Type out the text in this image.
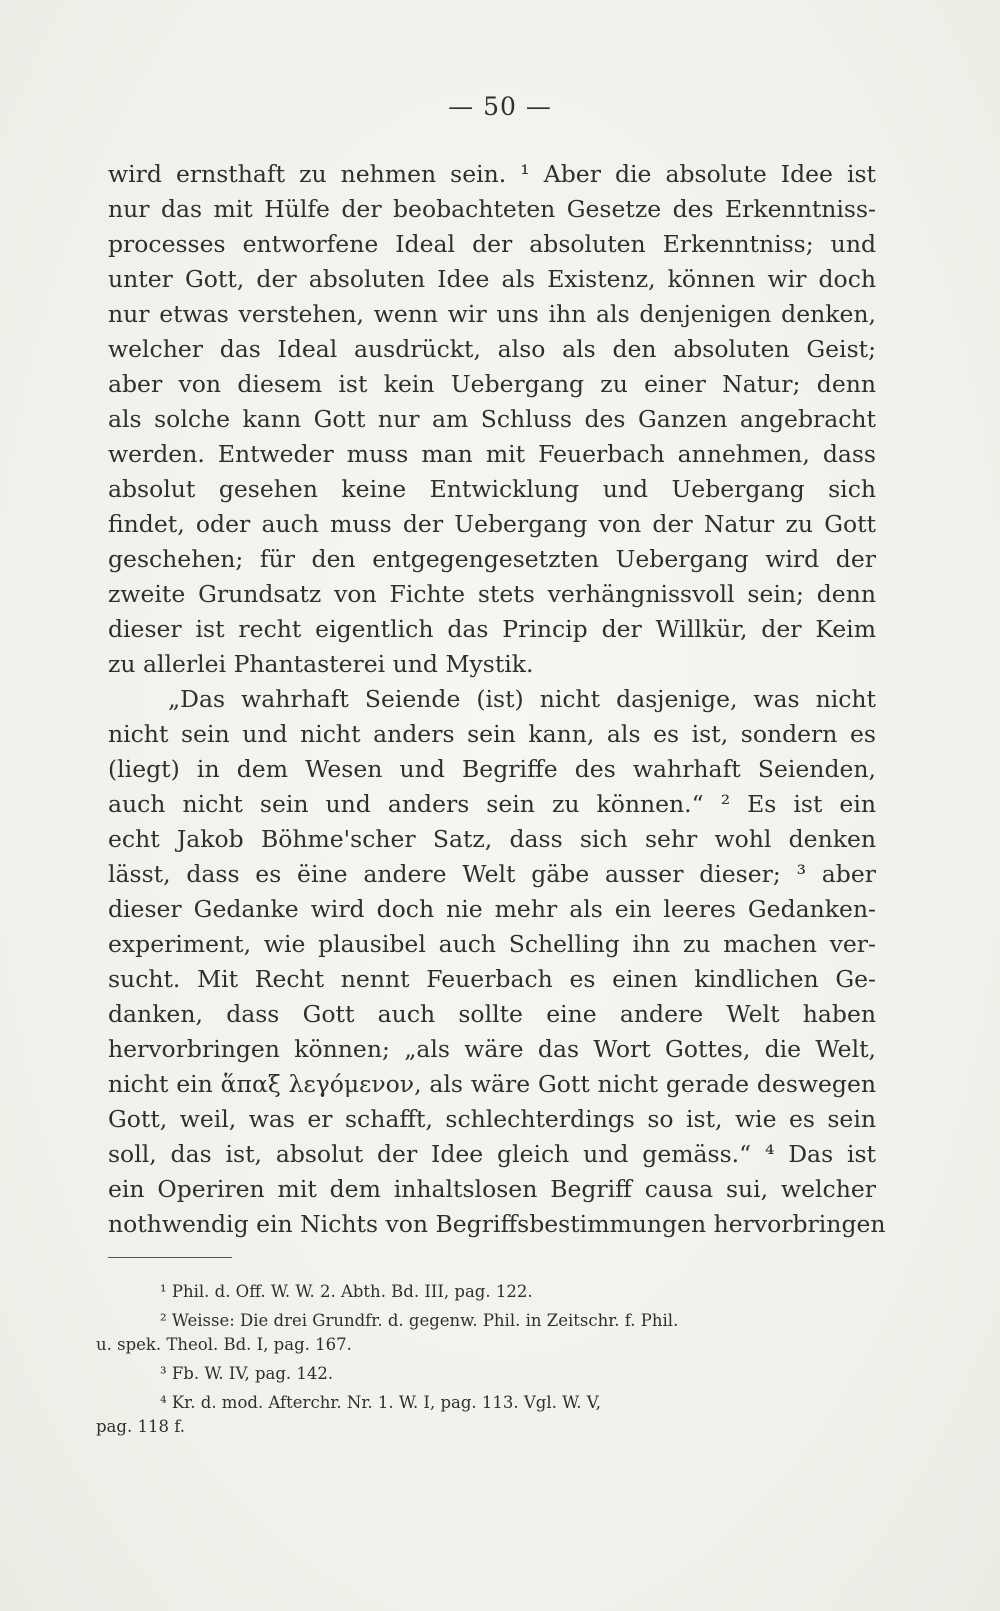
— 50 —
wird ernsthaft zu nehmen sein. ¹ Aber die absolute Idee ist
nur das mit Hülfe der beobachteten Gesetze des Erkenntniss-
processes entworfene Ideal der absoluten Erkenntniss; und
unter Gott, der absoluten Idee als Existenz, können wir doch
nur etwas verstehen, wenn wir uns ihn als denjenigen denken,
welcher das Ideal ausdrückt, also als den absoluten Geist;
aber von diesem ist kein Uebergang zu einer Natur; denn
als solche kann Gott nur am Schluss des Ganzen angebracht
werden. Entweder muss man mit Feuerbach annehmen, dass
absolut gesehen keine Entwicklung und Uebergang sich
findet, oder auch muss der Uebergang von der Natur zu Gott
geschehen; für den entgegengesetzten Uebergang wird der
zweite Grundsatz von Fichte stets verhängnissvoll sein; denn
dieser ist recht eigentlich das Princip der Willkür, der Keim
zu allerlei Phantasterei und Mystik.
„Das wahrhaft Seiende (ist) nicht dasjenige, was nicht
nicht sein und nicht anders sein kann, als es ist, sondern es
(liegt) in dem Wesen und Begriffe des wahrhaft Seienden,
auch nicht sein und anders sein zu können.“ ² Es ist ein
echt Jakob Böhme'scher Satz, dass sich sehr wohl denken
lässt, dass es ëine andere Welt gäbe ausser dieser; ³ aber
dieser Gedanke wird doch nie mehr als ein leeres Gedanken-
experiment, wie plausibel auch Schelling ihn zu machen ver-
sucht. Mit Recht nennt Feuerbach es einen kindlichen Ge-
danken, dass Gott auch sollte eine andere Welt haben
hervorbringen können; „als wäre das Wort Gottes, die Welt,
nicht ein ἅπαξ λεγόμενον, als wäre Gott nicht gerade deswegen
Gott, weil, was er schafft, schlechterdings so ist, wie es sein
soll, das ist, absolut der Idee gleich und gemäss.“ ⁴ Das ist
ein Operiren mit dem inhaltslosen Begriff causa sui, welcher
nothwendig ein Nichts von Begriffsbestimmungen hervorbringen
¹ Phil. d. Off. W. W. 2. Abth. Bd. III, pag. 122.
² Weisse: Die drei Grundfr. d. gegenw. Phil. in Zeitschr. f. Phil.
u. spek. Theol. Bd. I, pag. 167.
³ Fb. W. IV, pag. 142.
⁴ Kr. d. mod. Afterchr. Nr. 1. W. I, pag. 113. Vgl. W. V,
pag. 118 f.
